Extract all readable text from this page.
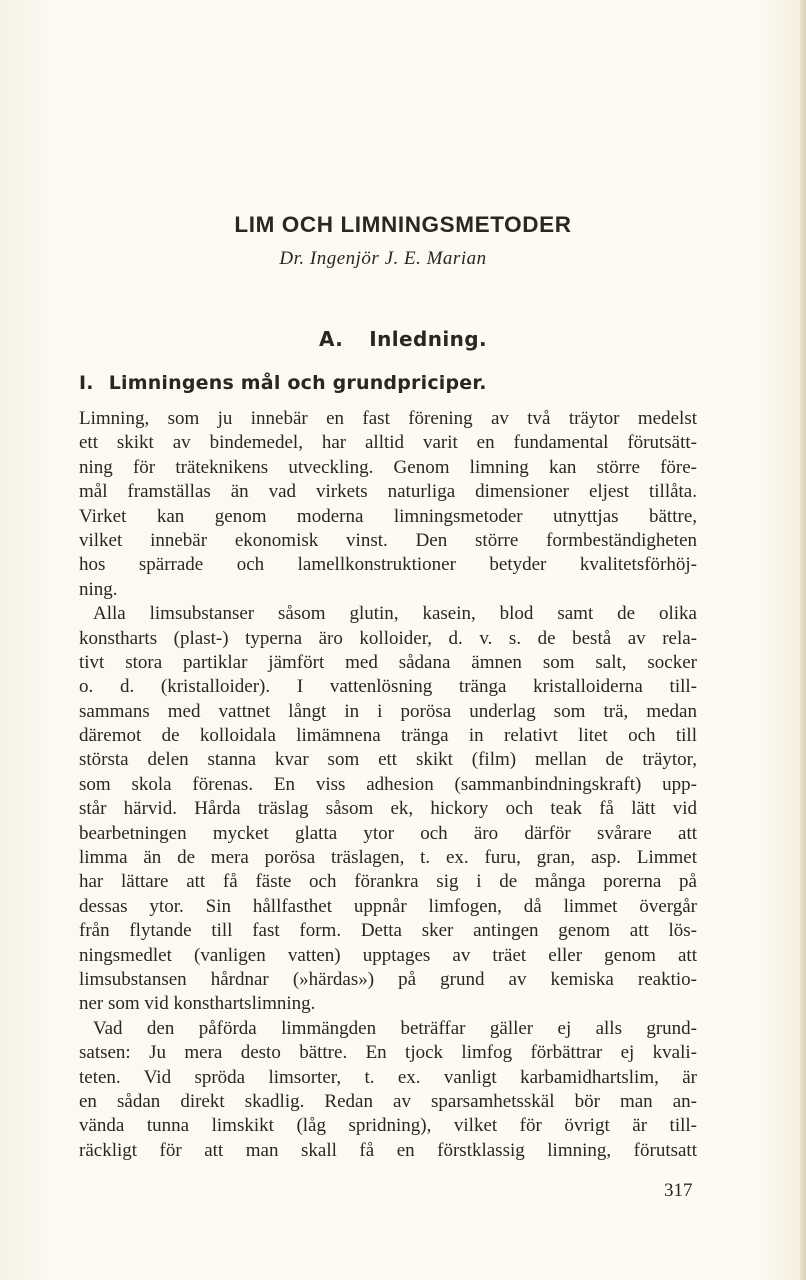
LIM OCH LIMNINGSMETODER
Dr. Ingenjör J. E. Marian
A. Inledning.
I. Limningens mål och grundpriciper.
Limning, som ju innebär en fast förening av två träytor medelst
ett skikt av bindemedel, har alltid varit en fundamental förutsätt-
ning för träteknikens utveckling. Genom limning kan större före-
mål framställas än vad virkets naturliga dimensioner eljest tillåta.
Virket kan genom moderna limningsmetoder utnyttjas bättre,
vilket innebär ekonomisk vinst. Den större formbeständigheten
hos spärrade och lamellkonstruktioner betyder kvalitetsförhöj-
ning.
Alla limsubstanser såsom glutin, kasein, blod samt de olika
konstharts (plast-) typerna äro kolloider, d. v. s. de bestå av rela-
tivt stora partiklar jämfört med sådana ämnen som salt, socker
o. d. (kristalloider). I vattenlösning tränga kristalloiderna till-
sammans med vattnet långt in i porösa underlag som trä, medan
däremot de kolloidala limämnena tränga in relativt litet och till
största delen stanna kvar som ett skikt (film) mellan de träytor,
som skola förenas. En viss adhesion (sammanbindningskraft) upp-
står härvid. Hårda träslag såsom ek, hickory och teak få lätt vid
bearbetningen mycket glatta ytor och äro därför svårare att
limma än de mera porösa träslagen, t. ex. furu, gran, asp. Limmet
har lättare att få fäste och förankra sig i de många porerna på
dessas ytor. Sin hållfasthet uppnår limfogen, då limmet övergår
från flytande till fast form. Detta sker antingen genom att lös-
ningsmedlet (vanligen vatten) upptages av träet eller genom att
limsubstansen hårdnar (»härdas») på grund av kemiska reaktio-
ner som vid konsthartslimning.
Vad den påförda limmängden beträffar gäller ej alls grund-
satsen: Ju mera desto bättre. En tjock limfog förbättrar ej kvali-
teten. Vid spröda limsorter, t. ex. vanligt karbamidhartslim, är
en sådan direkt skadlig. Redan av sparsamhetsskäl bör man an-
vända tunna limskikt (låg spridning), vilket för övrigt är till-
räckligt för att man skall få en förstklassig limning, förutsatt
317
